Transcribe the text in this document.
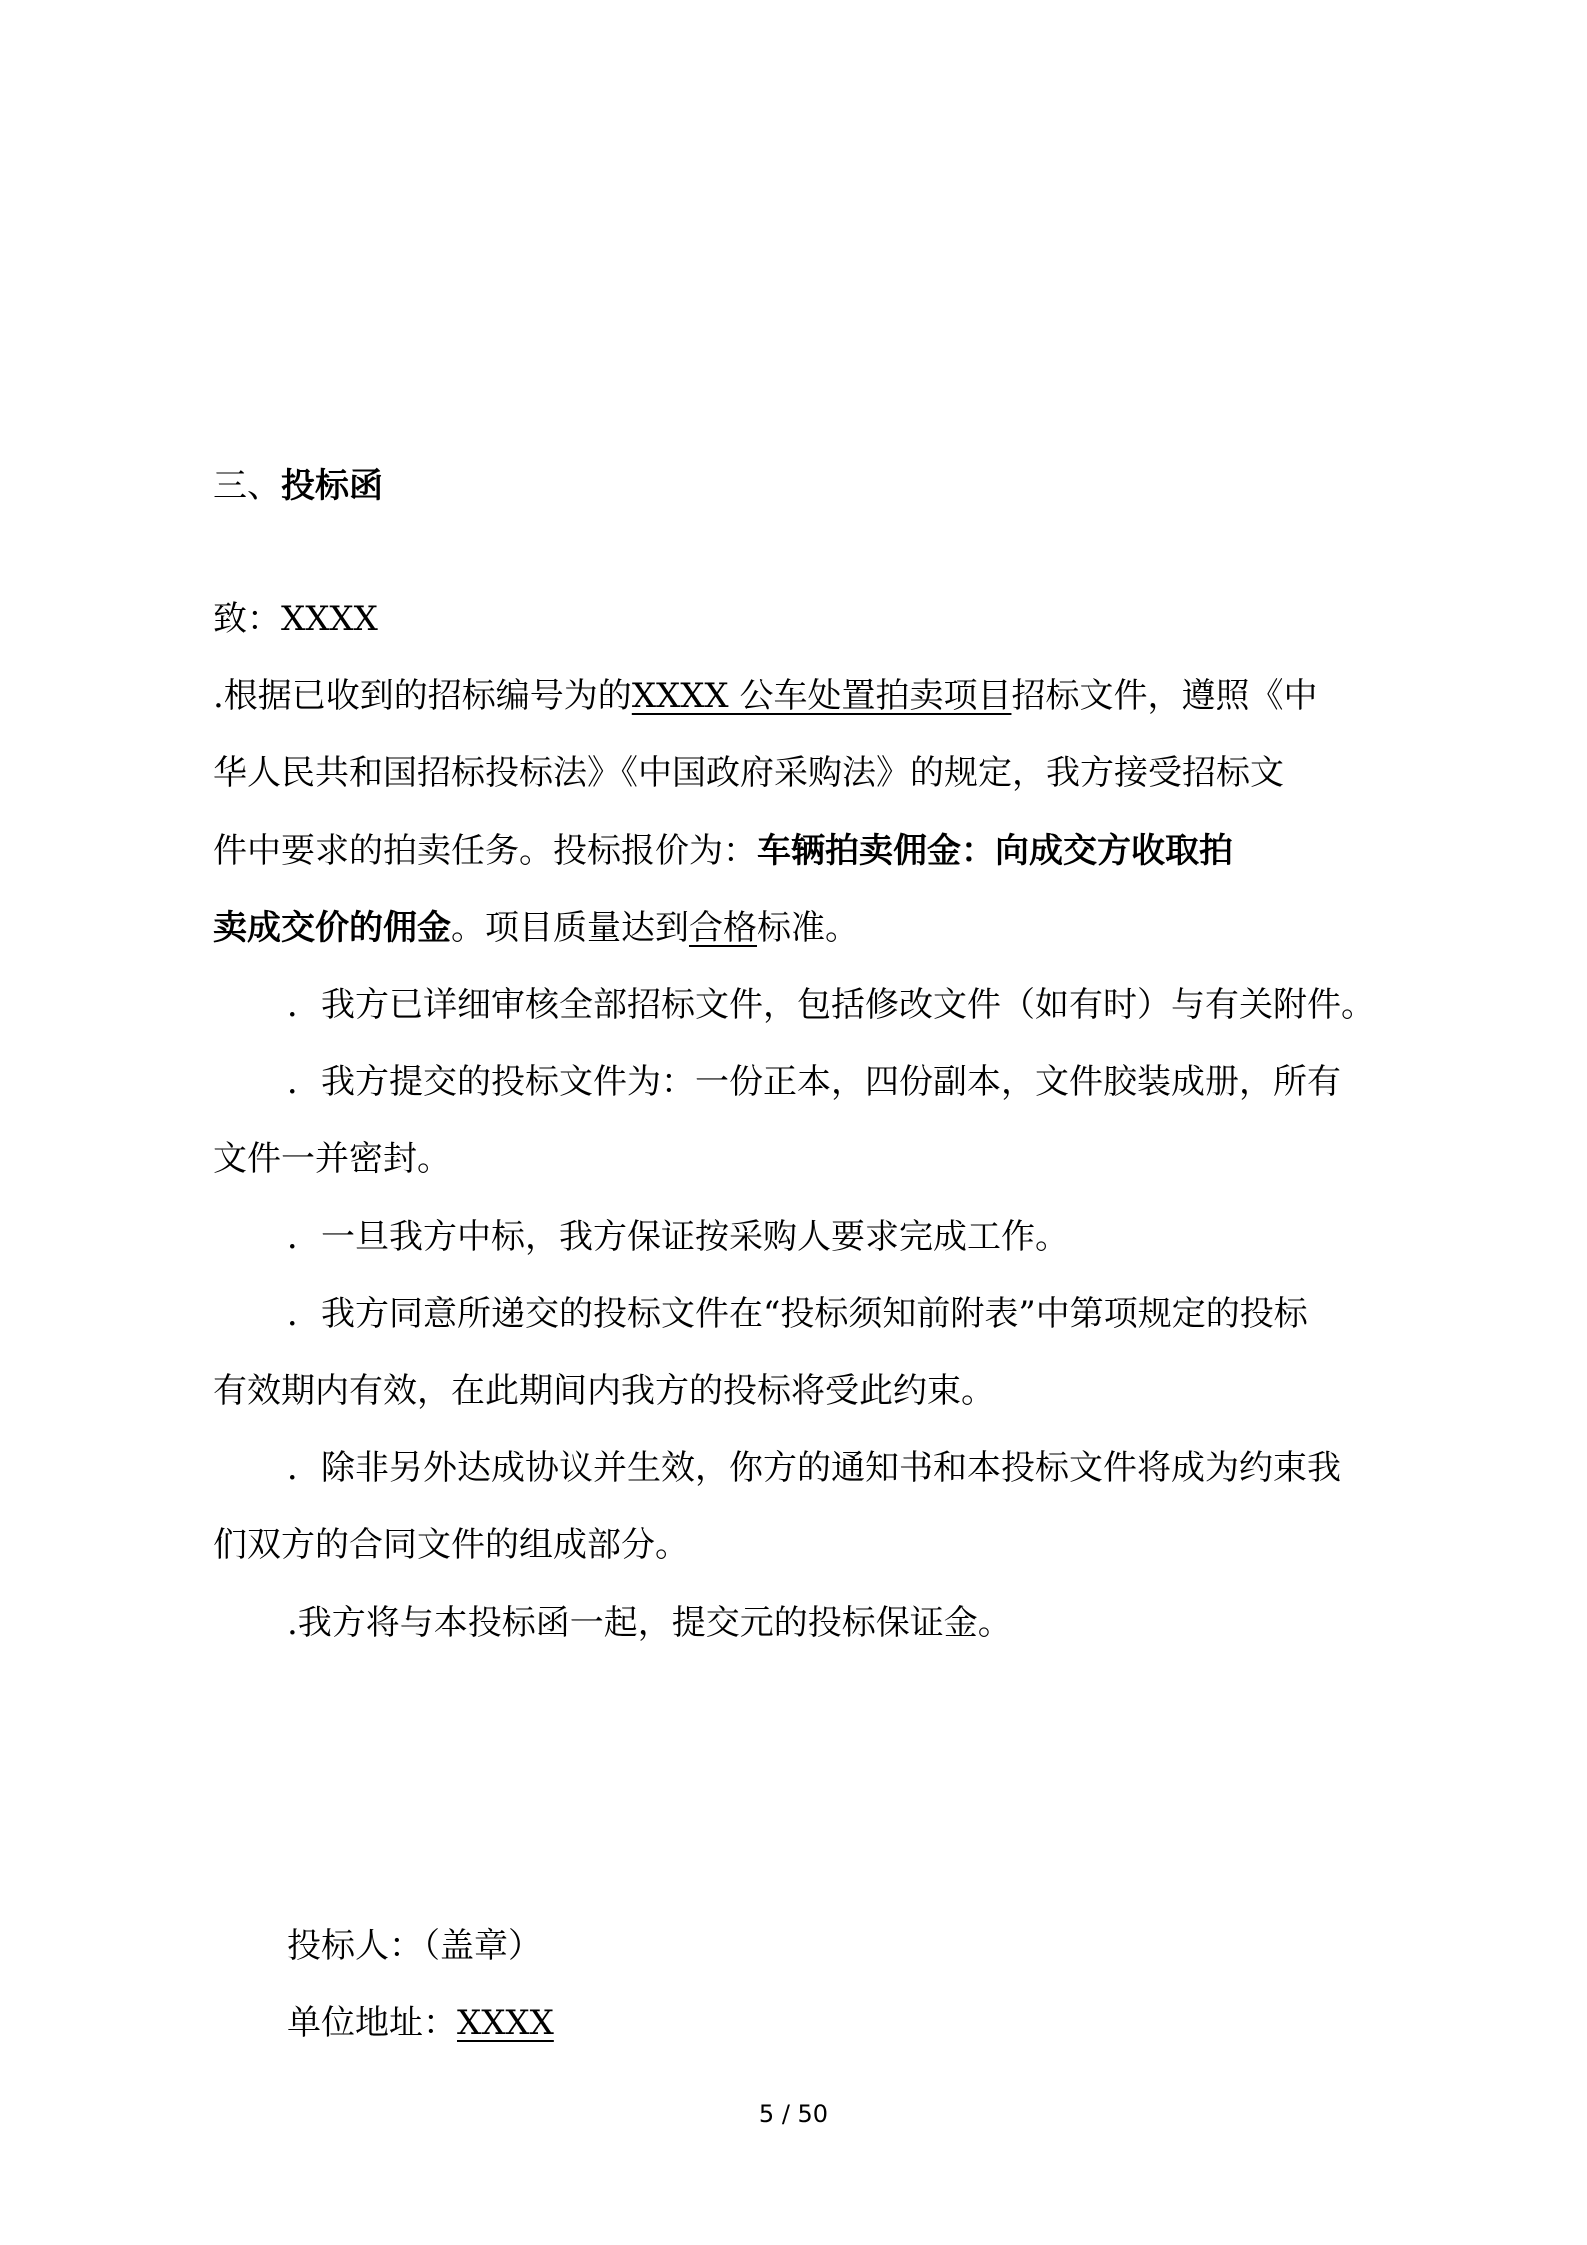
三、投标函
致：XXXX
.根据已收到的招标编号为的XXXX 公车处置拍卖项目招标文件，遵照《中
华人民共和国招标投标法》《中国政府采购法》的规定，我方接受招标文
件中要求的拍卖任务。投标报价为：车辆拍卖佣金：向成交方收取拍
卖成交价的佣金。项目质量达到合格标准。
．我方已详细审核全部招标文件，包括修改文件（如有时）与有关附件。
．我方提交的投标文件为：一份正本，四份副本，文件胶装成册，所有
文件一并密封。
．一旦我方中标，我方保证按采购人要求完成工作。
．我方同意所递交的投标文件在“投标须知前附表”中第项规定的投标
有效期内有效，在此期间内我方的投标将受此约束。
．除非另外达成协议并生效，你方的通知书和本投标文件将成为约束我
们双方的合同文件的组成部分。
.我方将与本投标函一起，提交元的投标保证金。
投标人：（盖章）
单位地址：XXXX
5 / 50
